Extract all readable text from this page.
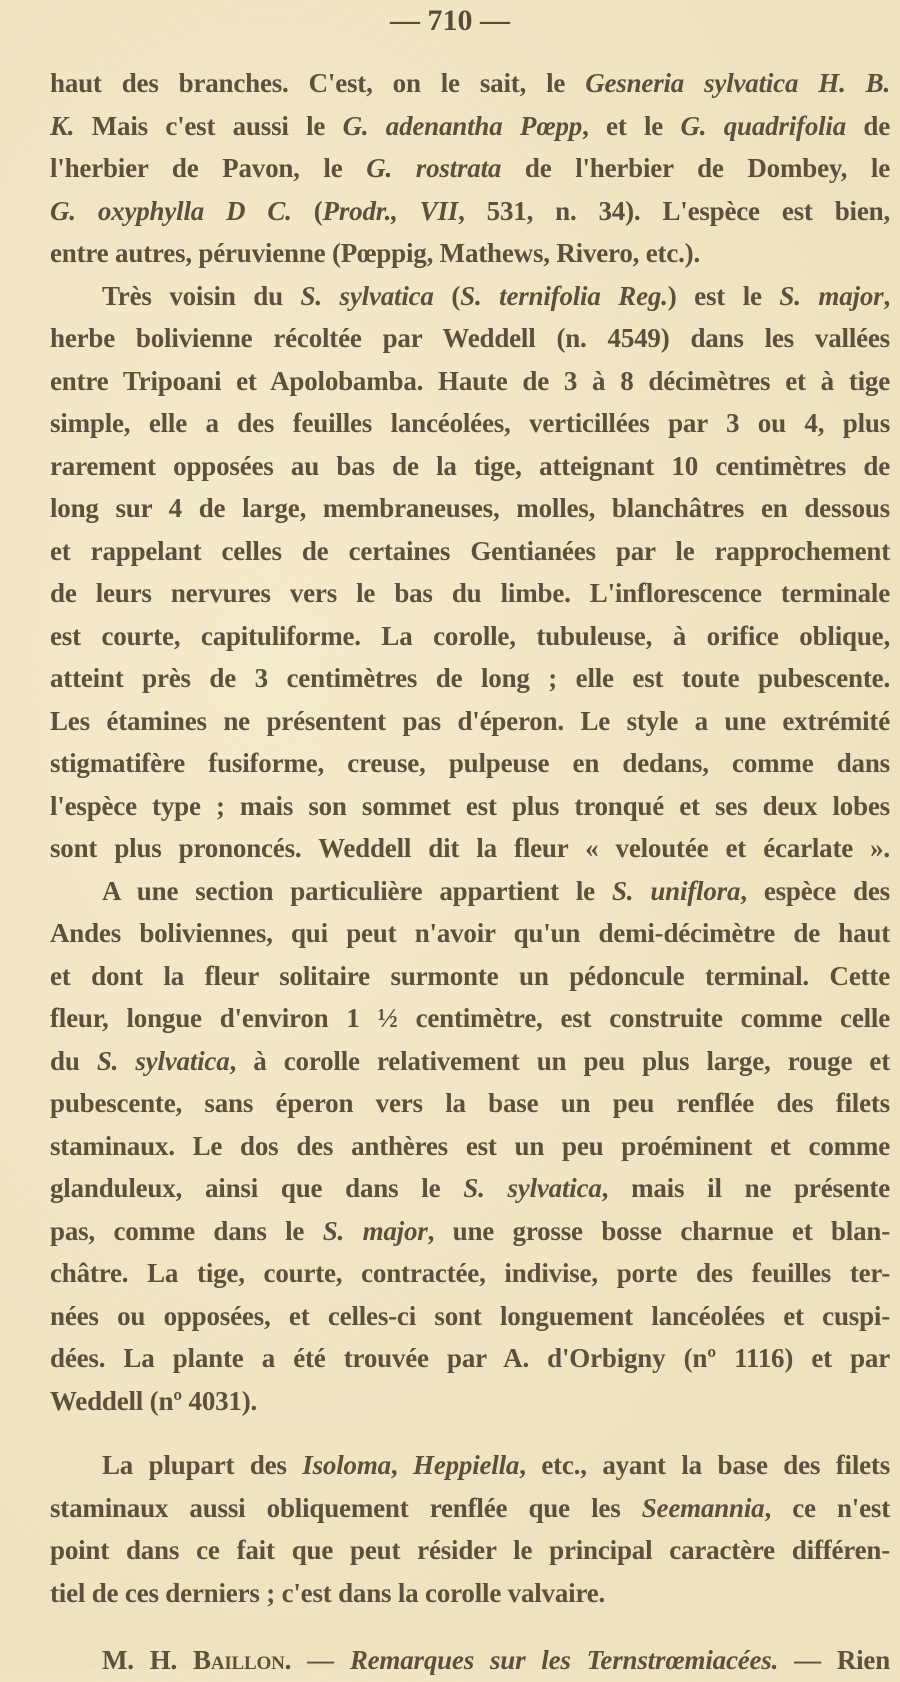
— 710 —
haut des branches. C'est, on le sait, le Gesneria sylvatica H. B.
K. Mais c'est aussi le G. adenantha Pœpp, et le G. quadrifolia de
l'herbier de Pavon, le G. rostrata de l'herbier de Dombey, le
G. oxyphylla D C. (Prodr., VII, 531, n. 34). L'espèce est bien,
entre autres, péruvienne (Pœppig, Mathews, Rivero, etc.).
Très voisin du S. sylvatica (S. ternifolia Reg.) est le S. major,
herbe bolivienne récoltée par Weddell (n. 4549) dans les vallées
entre Tripoani et Apolobamba. Haute de 3 à 8 décimètres et à tige
simple, elle a des feuilles lancéolées, verticillées par 3 ou 4, plus
rarement opposées au bas de la tige, atteignant 10 centimètres de
long sur 4 de large, membraneuses, molles, blanchâtres en dessous
et rappelant celles de certaines Gentianées par le rapprochement
de leurs nervures vers le bas du limbe. L'inflorescence terminale
est courte, capituliforme. La corolle, tubuleuse, à orifice oblique,
atteint près de 3 centimètres de long ; elle est toute pubescente.
Les étamines ne présentent pas d'éperon. Le style a une extrémité
stigmatifère fusiforme, creuse, pulpeuse en dedans, comme dans
l'espèce type ; mais son sommet est plus tronqué et ses deux lobes
sont plus prononcés. Weddell dit la fleur « veloutée et écarlate ».
A une section particulière appartient le S. uniflora, espèce des
Andes boliviennes, qui peut n'avoir qu'un demi-décimètre de haut
et dont la fleur solitaire surmonte un pédoncule terminal. Cette
fleur, longue d'environ 1 ½ centimètre, est construite comme celle
du S. sylvatica, à corolle relativement un peu plus large, rouge et
pubescente, sans éperon vers la base un peu renflée des filets
staminaux. Le dos des anthères est un peu proéminent et comme
glanduleux, ainsi que dans le S. sylvatica, mais il ne présente
pas, comme dans le S. major, une grosse bosse charnue et blan-
châtre. La tige, courte, contractée, indivise, porte des feuilles ter-
nées ou opposées, et celles-ci sont longuement lancéolées et cuspi-
dées. La plante a été trouvée par A. d'Orbigny (nº 1116) et par
Weddell (nº 4031).
La plupart des Isoloma, Heppiella, etc., ayant la base des filets
staminaux aussi obliquement renflée que les Seemannia, ce n'est
point dans ce fait que peut résider le principal caractère différen-
tiel de ces derniers ; c'est dans la corolle valvaire.
M. H. Baillon. — Remarques sur les Ternstrœmiacées. — Rien
